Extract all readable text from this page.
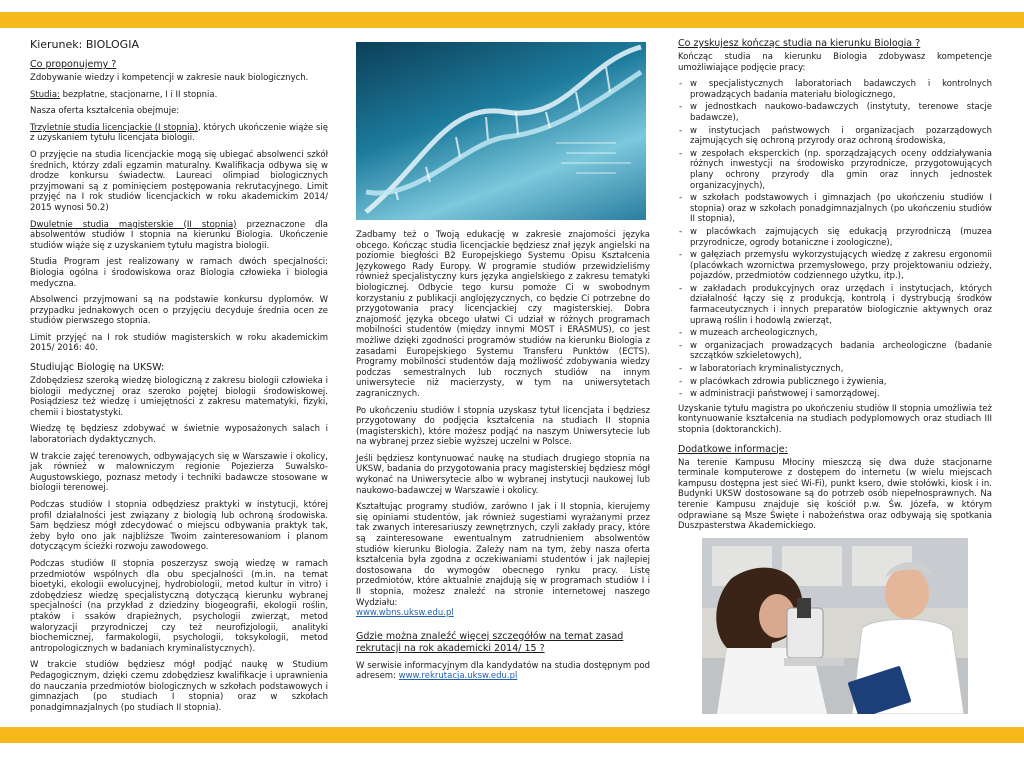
Kierunek: BIOLOGIA
Co proponujemy ?

Zdobywanie wiedzy i kompetencji w zakresie nauk biologicznych.

Studia: bezpłatne, stacjonarne, I i II stopnia.

Nasza oferta kształcenia obejmuje:

Trzyletnie studia licencjackie (I stopnia), których ukończenie wiąże się z uzyskaniem tytułu licencjata biologii.

O przyjęcie na studia licencjackie mogą się ubiegać absolwenci szkół średnich, którzy zdali egzamin maturalny. Kwalifikacja odbywa się w drodze konkursu świadectw. Laureaci olimpiad biologicznych przyjmowani są z pominięciem postępowania rekrutacyjnego. Limit przyjęć na I rok studiów licencjackich w roku akademickim 2014/ 2015 wynosi 50.2)

Dwuletnie studia magisterskie (II stopnia) przeznaczone dla absolwentów studiów I stopnia na kierunku Biologia. Ukończenie studiów wiąże się z uzyskaniem tytułu magistra biologii.

Studia Program jest realizowany w ramach dwóch specjalności: Biologia ogólna i środowiskowa oraz Biologia człowieka i biologia medyczna.

Absolwenci przyjmowani są na podstawie konkursu dyplomów. W przypadku jednakowych ocen o przyjęciu decyduje średnia ocen ze studiów pierwszego stopnia.

Limit przyjęć na I rok studiów magisterskich w roku akademickim 2015/ 2016: 40.

Studiując Biologię na UKSW:

Zdobędziesz szeroką wiedzę biologiczną z zakresu biologii człowieka i biologii medycznej oraz szeroko pojętej biologii środowiskowej. Posiądziesz też wiedzę i umiejętności z zakresu matematyki, fizyki, chemii i biostatystyki.

Wiedzę tę będziesz zdobywać w świetnie wyposażonych salach i laboratoriach dydaktycznych.

W trakcie zajęć terenowych, odbywających się w Warszawie i okolicy, jak również w malowniczym regionie Pojezierza Suwalsko-Augustowskiego, poznasz metody i techniki badawcze stosowane w biologii terenowej.

Podczas studiów I stopnia odbędziesz praktyki w instytucji, której profil działalności jest związany z biologią lub ochroną środowiska. Sam będziesz mógł zdecydować o miejscu odbywania praktyk tak, żeby było ono jak najbliższe Twoim zainteresowaniom i planom dotyczącym ścieżki rozwoju zawodowego.

Podczas studiów II stopnia poszerzysz swoją wiedzę w ramach przedmiotów wspólnych dla obu specjalności (m.in. na temat bioetyki, ekologii ewolucyjnej, hydrobiologii, metod kultur in vitro) i zdobędziesz wiedzę specjalistyczną dotyczącą kierunku wybranej specjalności (na przykład z dziedziny biogeografii, ekologii roślin, ptaków i ssaków drapieżnych, psychologii zwierząt, metod waloryzacji przyrodniczej czy też neurofizjologii, analityki biochemicznej, farmakologii, psychologii, toksykologii, metod antropologicznych w badaniach kryminalistycznych).

W trakcie studiów będziesz mógł podjąć naukę w Studium Pedagogicznym, dzięki czemu zdobędziesz kwalifikacje i uprawnienia do nauczania przedmiotów biologicznych w szkołach podstawowych i gimnazjach (po studiach I stopnia) oraz w szkołach ponadgimnazjalnych (po studiach II stopnia).

Zadbamy też o Twoją edukację w zakresie znajomości języka obcego. Kończąc studia licencjackie będziesz znał język angielski na poziomie biegłości B2 Europejskiego Systemu Opisu Kształcenia Językowego Rady Europy. W programie studiów przewidzieliśmy również specjalistyczny kurs języka angielskiego z zakresu tematyki biologicznej. Odbycie tego kursu pomoże Ci w swobodnym korzystaniu z publikacji anglojęzycznych, co będzie Ci potrzebne do przygotowania pracy licencjackiej czy magisterskiej. Dobra znajomość języka obcego ułatwi Ci udział w różnych programach mobilności studentów (między innymi MOST i ERASMUS), co jest możliwe dzięki zgodności programów studiów na kierunku Biologia z zasadami Europejskiego Systemu Transferu Punktów (ECTS). Programy mobilności studentów dają możliwość zdobywania wiedzy podczas semestralnych lub rocznych studiów na innym uniwersytecie niż macierzysty, w tym na uniwersytetach zagranicznych.

Po ukończeniu studiów I stopnia uzyskasz tytuł licencjata i będziesz przygotowany do podjęcia kształcenia na studiach II stopnia (magisterskich), które możesz podjąć na naszym Uniwersytecie lub na wybranej przez siebie wyższej uczelni w Polsce.

Jeśli będziesz kontynuować naukę na studiach drugiego stopnia na UKSW, badania do przygotowania pracy magisterskiej będziesz mógł wykonać na Uniwersytecie albo w wybranej instytucji naukowej lub naukowo-badawczej w Warszawie i okolicy.

Kształtując programy studiów, zarówno I jak i II stopnia, kierujemy się opiniami studentów, jak również sugestiami wyrażanymi przez tak zwanych interesariuszy zewnętrznych, czyli zakłady pracy, które są zainteresowane ewentualnym zatrudnieniem absolwentów studiów kierunku Biologia. Zależy nam na tym, żeby nasza oferta kształcenia była zgodna z oczekiwaniami studentów i jak najlepiej dostosowana do wymogów obecnego rynku pracy. Listę przedmiotów, które aktualnie znajdują się w programach studiów I i II stopnia, możesz znaleźć na stronie internetowej naszego Wydziału:
www.wbns.uksw.edu.pl

Gdzie można znaleźć więcej szczegółów na temat zasad rekrutacji na rok akademicki 2014/ 15 ?

W serwisie informacyjnym dla kandydatów na studia dostępnym pod adresem: www.rekrutacja.uksw.edu.pl

Co zyskujesz kończąc studia na kierunku Biologia ?

Kończąc studia na kierunku Biologia zdobywasz kompetencje umożliwiające podjęcie pracy:

- w specjalistycznych laboratoriach badawczych i kontrolnych prowadzących badania materiału biologicznego,
- w jednostkach naukowo-badawczych (instytuty, terenowe stacje badawcze),
- w instytucjach państwowych i organizacjach pozarządowych zajmujących się ochroną przyrody oraz ochroną środowiska,
- w zespołach eksperckich (np. sporządzających oceny oddziaływania różnych inwestycji na środowisko przyrodnicze, przygotowujących plany ochrony przyrody dla gmin oraz innych jednostek organizacyjnych),
- w szkołach podstawowych i gimnazjach (po ukończeniu studiów I stopnia) oraz w szkołach ponadgimnazjalnych (po ukończeniu studiów II stopnia),
- w placówkach zajmujących się edukacją przyrodniczą (muzea przyrodnicze, ogrody botaniczne i zoologiczne),
- w gałęziach przemysłu wykorzystujących wiedzę z zakresu ergonomii (placówkach wzornictwa przemysłowego, przy projektowaniu odzieży, pojazdów, przedmiotów codziennego użytku, itp.),
- w zakładach produkcyjnych oraz urzędach i instytucjach, których działalność łączy się z produkcją, kontrolą i dystrybucją środków farmaceutycznych i innych preparatów biologicznie aktywnych oraz uprawą roślin i hodowlą zwierząt,
- w muzeach archeologicznych,
- w organizacjach prowadzących badania archeologiczne (badanie szczątków szkieletowych),
- w laboratoriach kryminalistycznych,
- w placówkach zdrowia publicznego i żywienia,
- w administracji państwowej i samorządowej.

Uzyskanie tytułu magistra po ukończeniu studiów II stopnia umożliwia też kontynuowanie kształcenia na studiach podyplomowych oraz studiach III stopnia (doktoranckich).

Dodatkowe informacje:

Na terenie Kampusu Młociny mieszczą się dwa duże stacjonarne terminale komputerowe z dostępem do internetu (w wielu miejscach kampusu dostępna jest sieć Wi-Fi), punkt ksero, dwie stołówki, kiosk i in. Budynki UKSW dostosowane są do potrzeb osób niepełnosprawnych. Na terenie Kampusu znajduje się kościół p.w. Św. Józefa, w którym odprawiane są Msze Święte i nabożeństwa oraz odbywają się spotkania Duszpasterstwa Akademickiego.
